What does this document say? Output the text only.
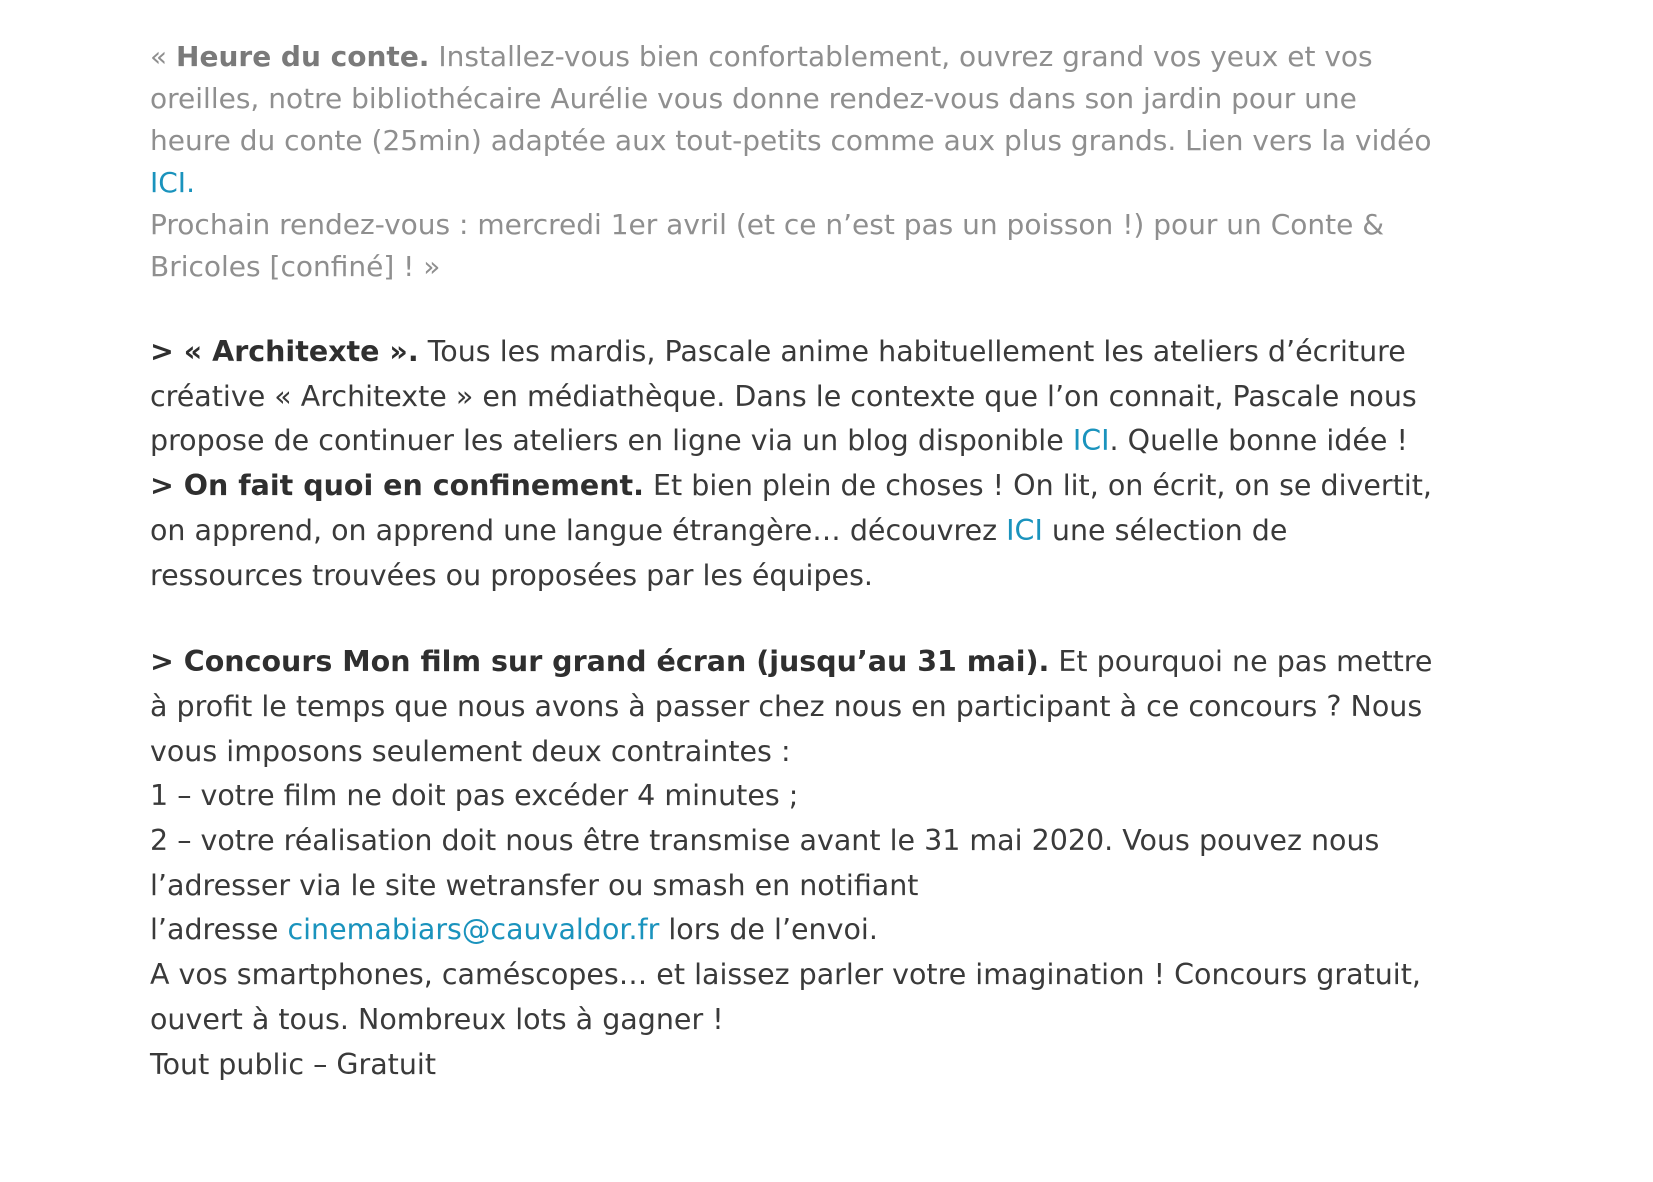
« Heure du conte. Installez-vous bien confortablement, ouvrez grand vos yeux et vos oreilles, notre bibliothécaire Aurélie vous donne rendez-vous dans son jardin pour une heure du conte (25min) adaptée aux tout-petits comme aux plus grands. Lien vers la vidéo ICI.

Prochain rendez-vous : mercredi 1er avril (et ce n’est pas un poisson !) pour un Conte & Bricoles [confiné] ! »

> « Architexte ». Tous les mardis, Pascale anime habituellement les ateliers d’écriture créative « Architexte » en médiathèque. Dans le contexte que l’on connait, Pascale nous propose de continuer les ateliers en ligne via un blog disponible ICI. Quelle bonne idée !

> On fait quoi en confinement. Et bien plein de choses ! On lit, on écrit, on se divertit, on apprend, on apprend une langue étrangère… découvrez ICI une sélection de ressources trouvées ou proposées par les équipes.

> Concours Mon film sur grand écran (jusqu’au 31 mai). Et pourquoi ne pas mettre à profit le temps que nous avons à passer chez nous en participant à ce concours ? Nous vous imposons seulement deux contraintes :

1 – votre film ne doit pas excéder 4 minutes ;

2 – votre réalisation doit nous être transmise avant le 31 mai 2020. Vous pouvez nous l’adresser via le site wetransfer ou smash en notifiant

l’adresse cinemabiars@cauvaldor.fr lors de l’envoi.

A vos smartphones, caméscopes… et laissez parler votre imagination ! Concours gratuit, ouvert à tous. Nombreux lots à gagner !

Tout public – Gratuit
